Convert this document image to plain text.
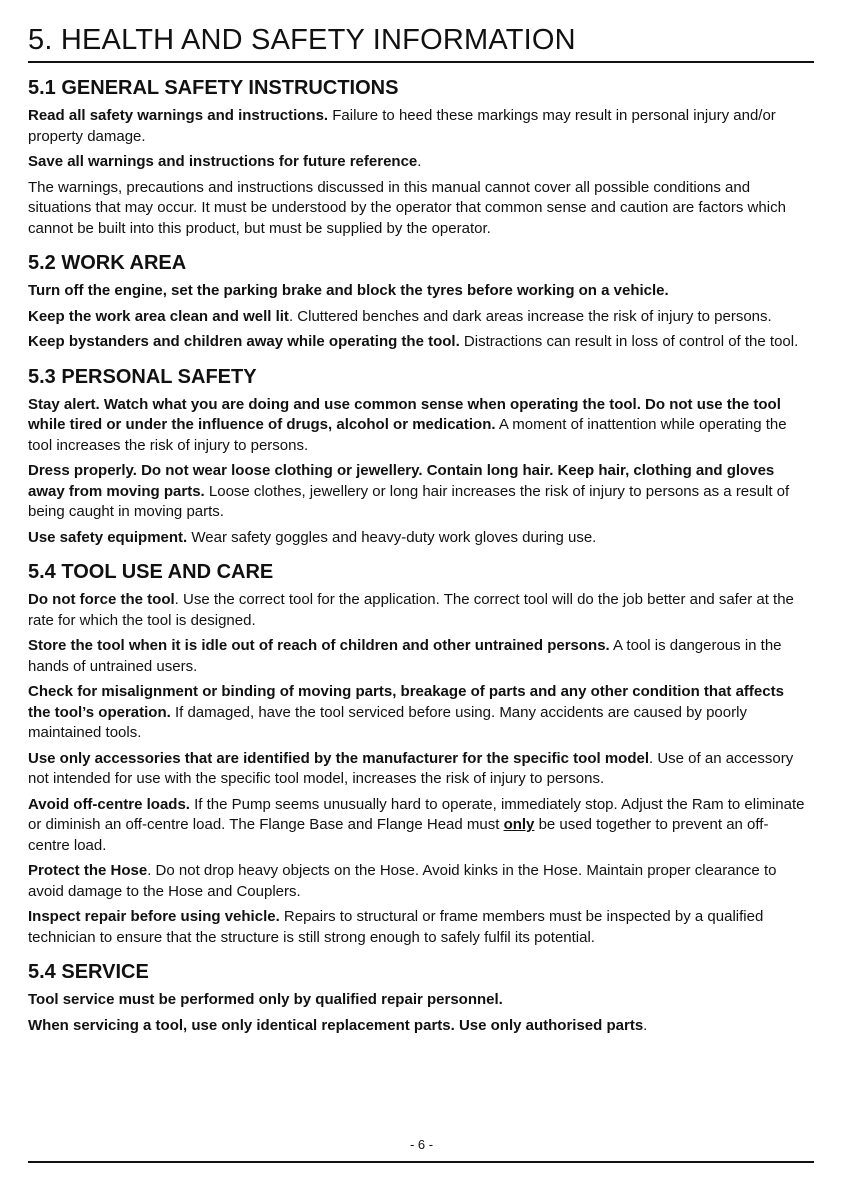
5. HEALTH AND SAFETY INFORMATION
5.1 GENERAL SAFETY INSTRUCTIONS

Read all safety warnings and instructions. Failure to heed these markings may result in personal injury and/or property damage.

Save all warnings and instructions for future reference.

The warnings, precautions and instructions discussed in this manual cannot cover all possible conditions and situations that may occur. It must be understood by the operator that common sense and caution are factors which cannot be built into this product, but must be supplied by the operator.

5.2 WORK AREA

Turn off the engine, set the parking brake and block the tyres before working on a vehicle.

Keep the work area clean and well lit. Cluttered benches and dark areas increase the risk of injury to persons.

Keep bystanders and children away while operating the tool. Distractions can result in loss of control of the tool.

5.3 PERSONAL SAFETY

Stay alert. Watch what you are doing and use common sense when operating the tool. Do not use the tool while tired or under the influence of drugs, alcohol or medication. A moment of inattention while operating the tool increases the risk of injury to persons.

Dress properly. Do not wear loose clothing or jewellery. Contain long hair. Keep hair, clothing and gloves away from moving parts. Loose clothes, jewellery or long hair increases the risk of injury to persons as a result of being caught in moving parts.

Use safety equipment. Wear safety goggles and heavy-duty work gloves during use.

5.4 TOOL USE AND CARE

Do not force the tool. Use the correct tool for the application. The correct tool will do the job better and safer at the rate for which the tool is designed.

Store the tool when it is idle out of reach of children and other untrained persons. A tool is dangerous in the hands of untrained users.

Check for misalignment or binding of moving parts, breakage of parts and any other condition that affects the tool’s operation. If damaged, have the tool serviced before using. Many accidents are caused by poorly maintained tools.

Use only accessories that are identified by the manufacturer for the specific tool model. Use of an accessory not intended for use with the specific tool model, increases the risk of injury to persons.

Avoid off-centre loads. If the Pump seems unusually hard to operate, immediately stop. Adjust the Ram to eliminate or diminish an off-centre load. The Flange Base and Flange Head must only be used together to prevent an off-centre load.

Protect the Hose. Do not drop heavy objects on the Hose. Avoid kinks in the Hose. Maintain proper clearance to avoid damage to the Hose and Couplers.

Inspect repair before using vehicle. Repairs to structural or frame members must be inspected by a qualified technician to ensure that the structure is still strong enough to safely fulfil its potential.

5.4 SERVICE

Tool service must be performed only by qualified repair personnel.

When servicing a tool, use only identical replacement parts. Use only authorised parts.

- 6 -
